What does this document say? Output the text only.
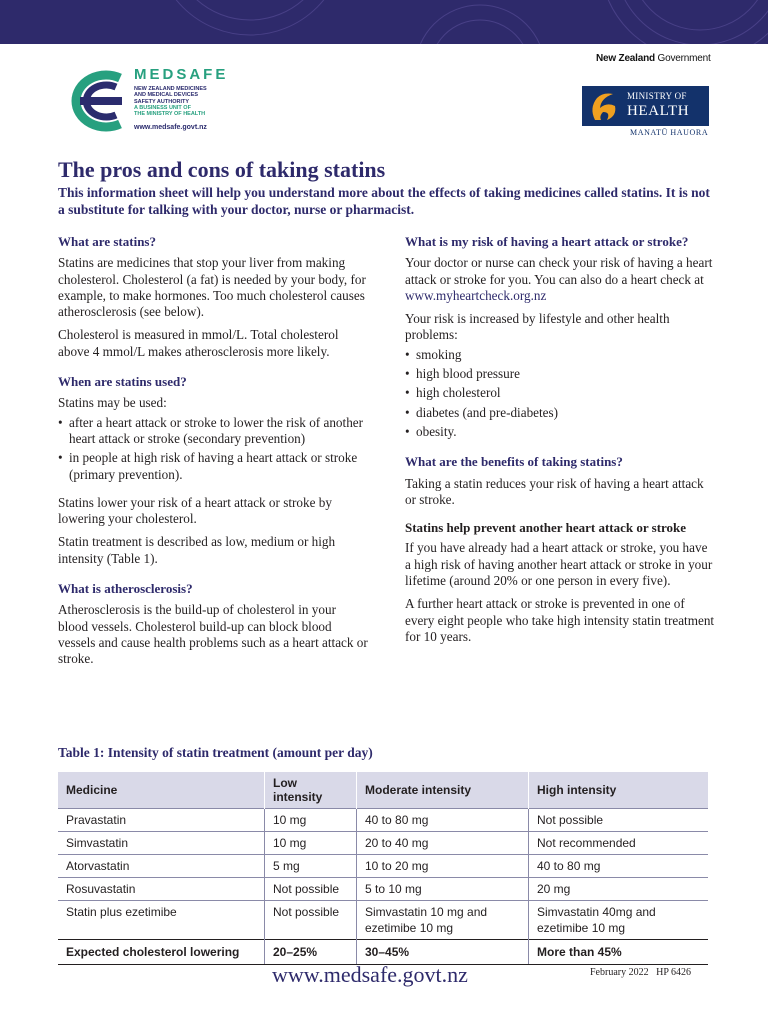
MEDSAFE
NEW ZEALAND MEDICINES
AND MEDICAL DEVICES
SAFETY AUTHORITY
A BUSINESS UNIT OF
THE MINISTRY OF HEALTH
www.medsafe.govt.nz
New Zealand Government
MINISTRY OF
HEALTH
MANATŪ HAUORA
The pros and cons of taking statins

This information sheet will help you understand more about the effects of taking medicines called statins. It is not a substitute for talking with your doctor, nurse or pharmacist.

What are statins?

Statins are medicines that stop your liver from making cholesterol. Cholesterol (a fat) is needed by your body, for example, to make hormones. Too much cholesterol causes atherosclerosis (see below).

Cholesterol is measured in mmol/L. Total cholesterol above 4 mmol/L makes atherosclerosis more likely.

When are statins used?

Statins may be used:

• after a heart attack or stroke to lower the risk of another heart attack or stroke (secondary prevention)
• in people at high risk of having a heart attack or stroke (primary prevention).

Statins lower your risk of a heart attack or stroke by lowering your cholesterol.

Statin treatment is described as low, medium or high intensity (Table 1).

What is atherosclerosis?

Atherosclerosis is the build-up of cholesterol in your blood vessels. Cholesterol build-up can block blood vessels and cause health problems such as a heart attack or stroke.

What is my risk of having a heart attack or stroke?

Your doctor or nurse can check your risk of having a heart attack or stroke for you. You can also do a heart check at www.myheartcheck.org.nz

Your risk is increased by lifestyle and other health problems:

• smoking
• high blood pressure
• high cholesterol
• diabetes (and pre-diabetes)
• obesity.
What are the benefits of taking statins?

Taking a statin reduces your risk of having a heart attack or stroke.

Statins help prevent another heart attack or stroke

If you have already had a heart attack or stroke, you have a high risk of having another heart attack or stroke in your lifetime (around 20% or one person in every five).

A further heart attack or stroke is prevented in one of every eight people who take high intensity statin treatment for 10 years.

Table 1: Intensity of statin treatment (amount per day)
Medicine	Low intensity	Moderate intensity	High intensity
Pravastatin	10 mg	40 to 80 mg	Not possible
Simvastatin	10 mg	20 to 40 mg	Not recommended
Atorvastatin	5 mg	10 to 20 mg	40 to 80 mg
Rosuvastatin	Not possible	5 to 10 mg	20 mg
Statin plus ezetimibe	Not possible	Simvastatin 10 mg and ezetimibe 10 mg	Simvastatin 40mg and ezetimibe 10 mg
Expected cholesterol lowering	20–25%	30–45%	More than 45%
www.medsafe.govt.nz	February 2022 HP 6426
